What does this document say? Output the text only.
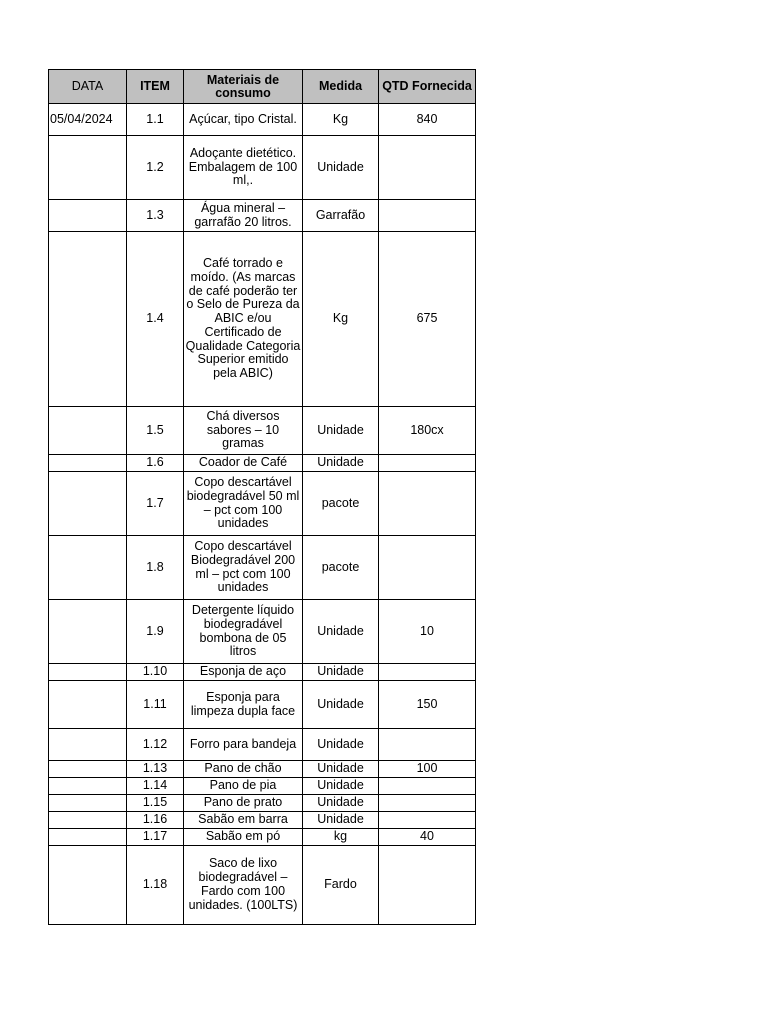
DATA	ITEM	Materiais de consumo	Medida	QTD Fornecida
05/04/2024	1.1	Açúcar, tipo Cristal.	Kg	840
	1.2	Adoçante dietético. Embalagem de 100 ml,.	Unidade	
	1.3	Água mineral – garrafão 20 litros.	Garrafão	
	1.4	Café torrado e moído. (As marcas de café poderão ter o Selo de Pureza da ABIC e/ou Certificado de Qualidade Categoria Superior emitido pela ABIC)	Kg	675
	1.5	Chá diversos sabores – 10 gramas	Unidade	180cx
	1.6	Coador de Café	Unidade	
	1.7	Copo descartável biodegradável 50 ml – pct com 100 unidades	pacote	
	1.8	Copo descartável Biodegradável 200 ml – pct com 100 unidades	pacote	
	1.9	Detergente líquido biodegradável bombona de 05 litros	Unidade	10
	1.10	Esponja de aço	Unidade	
	1.11	Esponja para limpeza dupla face	Unidade	150
	1.12	Forro para bandeja	Unidade	
	1.13	Pano de chão	Unidade	100
	1.14	Pano de pia	Unidade	
	1.15	Pano de prato	Unidade	
	1.16	Sabão em barra	Unidade	
	1.17	Sabão em pó	kg	40
	1.18	Saco de lixo biodegradável – Fardo com 100 unidades. (100LTS)	Fardo	
